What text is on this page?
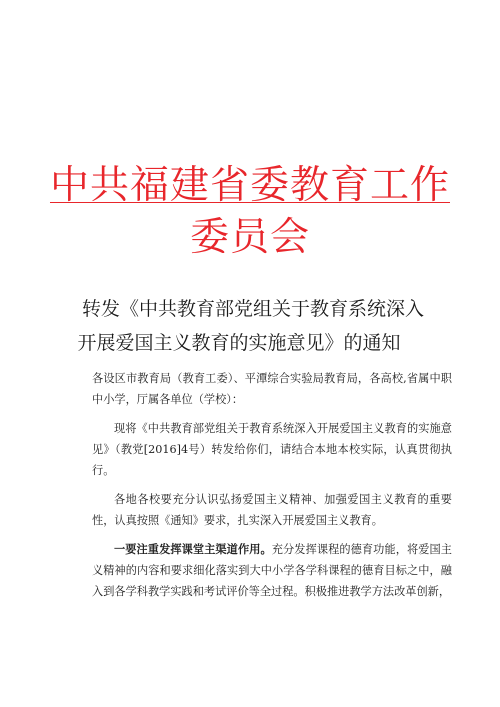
中共福建省委教育工作
委员会
转发《中共教育部党组关于教育系统深入
开展爱国主义教育的实施意见》的通知

各设区市教育局（教育工委）、平潭综合实验局教育局，各高校,省属中职中小学，厅属各单位（学校）：

现将《中共教育部党组关于教育系统深入开展爱国主义教育的实施意见》（教党[2016]4号）转发给你们，请结合本地本校实际，认真贯彻执行。

各地各校要充分认识弘扬爱国主义精神、加强爱国主义教育的重要性，认真按照《通知》要求，扎实深入开展爱国主义教育。

一要注重发挥课堂主渠道作用。充分发挥课程的德育功能，将爱国主义精神的内容和要求细化落实到大中小学各学科课程的德育目标之中，融入到各学科教学实践和考试评价等全过程。积极推进教学方法改革创新，
